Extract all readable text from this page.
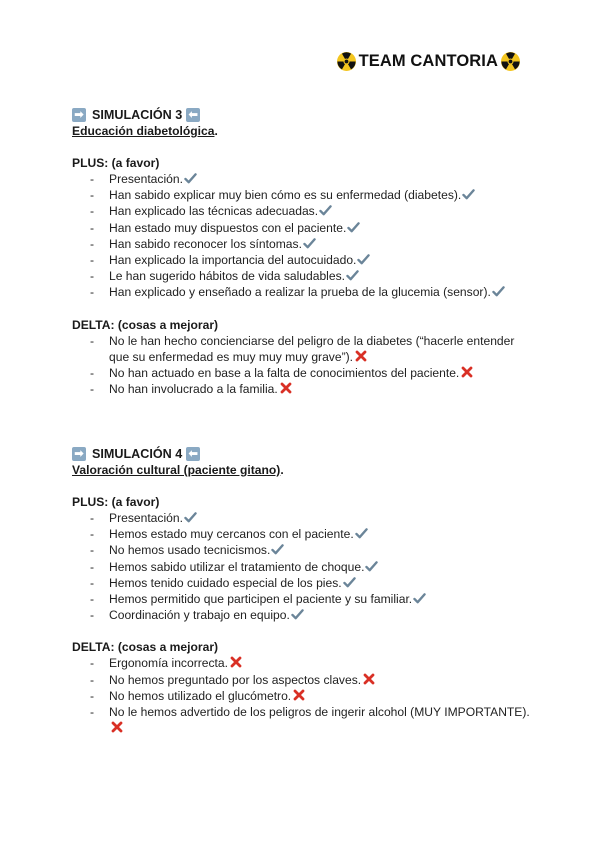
TEAM CANTORIA
➡ SIMULACIÓN 3 ⬅
Educación diabetológica.
PLUS: (a favor)
- Presentación.
- Han sabido explicar muy bien cómo es su enfermedad (diabetes).
- Han explicado las técnicas adecuadas.
- Han estado muy dispuestos con el paciente.
- Han sabido reconocer los síntomas.
- Han explicado la importancia del autocuidado.
- Le han sugerido hábitos de vida saludables.
- Han explicado y enseñado a realizar la prueba de la glucemia (sensor).
DELTA: (cosas a mejorar)
- No le han hecho concienciarse del peligro de la diabetes (“hacerle entender que su enfermedad es muy muy muy grave”).
- No han actuado en base a la falta de conocimientos del paciente.
- No han involucrado a la familia.
➡ SIMULACIÓN 4 ⬅
Valoración cultural (paciente gitano).
PLUS: (a favor)
- Presentación.
- Hemos estado muy cercanos con el paciente.
- No hemos usado tecnicismos.
- Hemos sabido utilizar el tratamiento de choque.
- Hemos tenido cuidado especial de los pies.
- Hemos permitido que participen el paciente y su familiar.
- Coordinación y trabajo en equipo.
DELTA: (cosas a mejorar)
- Ergonomía incorrecta.
- No hemos preguntado por los aspectos claves.
- No hemos utilizado el glucómetro.
- No le hemos advertido de los peligros de ingerir alcohol (MUY IMPORTANTE).
